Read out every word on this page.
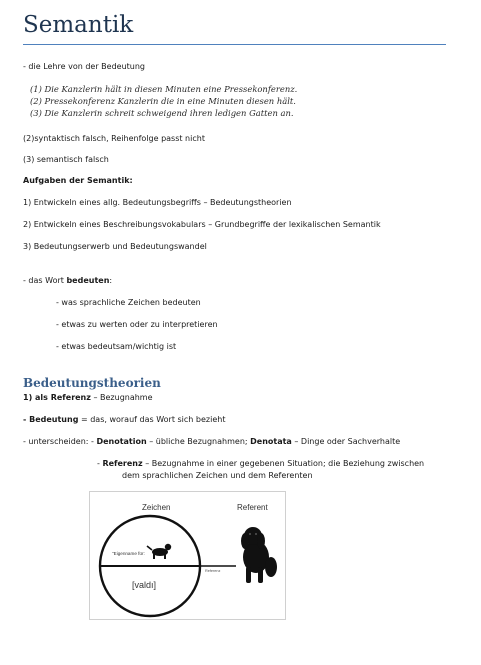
Semantik
- die Lehre von der Bedeutung
(1) Die Kanzlerin hält in diesen Minuten eine Pressekonferenz.
(2) Pressekonferenz Kanzlerin die in eine Minuten diesen hält.
(3) Die Kanzlerin schreit schweigend ihren ledigen Gatten an.
(2)syntaktisch falsch, Reihenfolge passt nicht
(3) semantisch falsch
Aufgaben der Semantik:
1) Entwickeln eines allg. Bedeutungsbegriffs – Bedeutungstheorien
2) Entwickeln eines Beschreibungsvokabulars – Grundbegriffe der lexikalischen Semantik
3) Bedeutungserwerb und Bedeutungswandel
- das Wort bedeuten:
- was sprachliche Zeichen bedeuten
- etwas zu werten oder zu interpretieren
- etwas bedeutsam/wichtig ist
Bedeutungstheorien
1) als Referenz – Bezugnahme
- Bedeutung = das, worauf das Wort sich bezieht
- unterscheiden: - Denotation – übliche Bezugnahmen; Denotata – Dinge oder Sachverhalte
- Referenz – Bezugnahme in einer gegebenen Situation; die Beziehung zwischen
dem sprachlichen Zeichen und dem Referenten
Zeichen	Referent
"Eigenname für:
[valdı]
Referenz
